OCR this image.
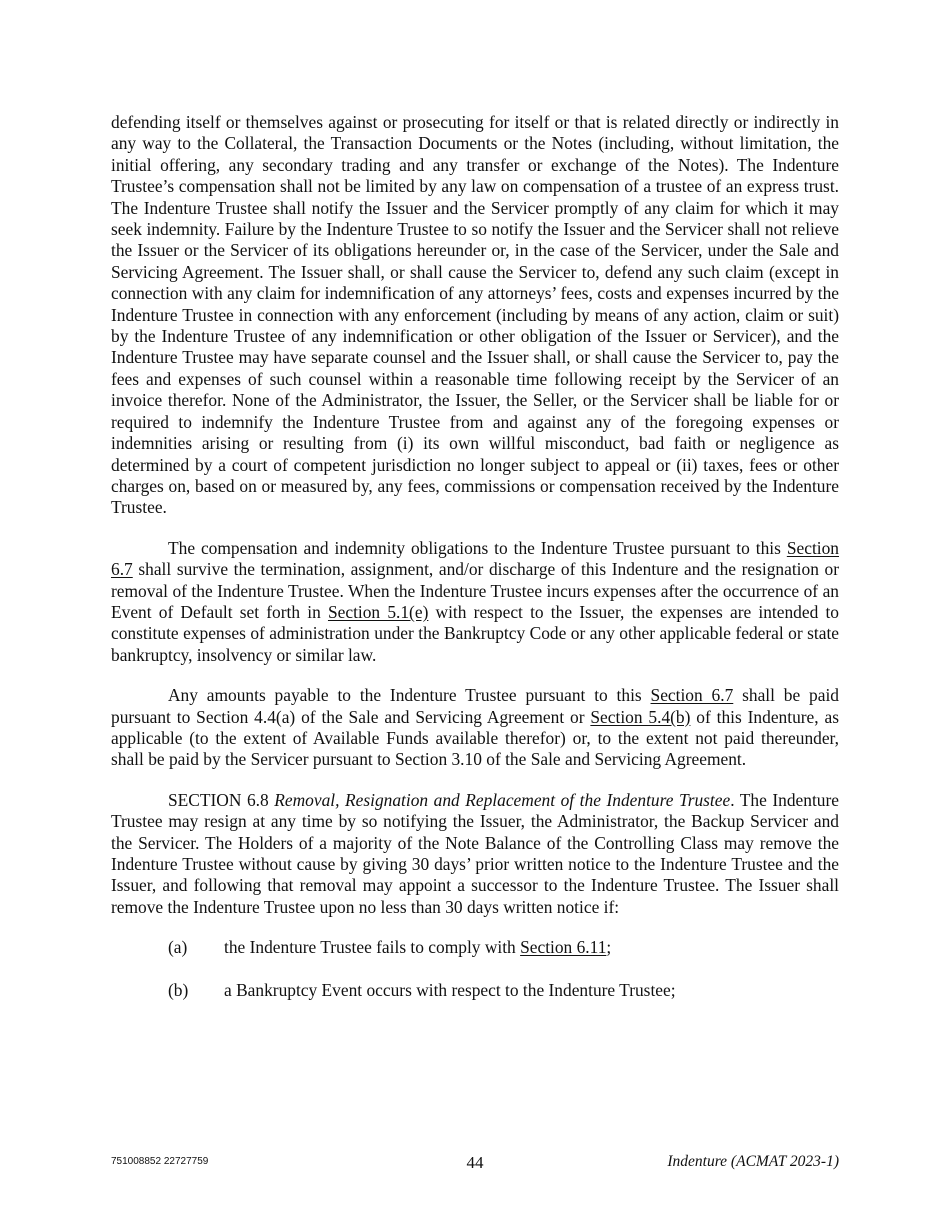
defending itself or themselves against or prosecuting for itself or that is related directly or indirectly in any way to the Collateral, the Transaction Documents or the Notes (including, without limitation, the initial offering, any secondary trading and any transfer or exchange of the Notes). The Indenture Trustee’s compensation shall not be limited by any law on compensation of a trustee of an express trust. The Indenture Trustee shall notify the Issuer and the Servicer promptly of any claim for which it may seek indemnity. Failure by the Indenture Trustee to so notify the Issuer and the Servicer shall not relieve the Issuer or the Servicer of its obligations hereunder or, in the case of the Servicer, under the Sale and Servicing Agreement. The Issuer shall, or shall cause the Servicer to, defend any such claim (except in connection with any claim for indemnification of any attorneys’ fees, costs and expenses incurred by the Indenture Trustee in connection with any enforcement (including by means of any action, claim or suit) by the Indenture Trustee of any indemnification or other obligation of the Issuer or Servicer), and the Indenture Trustee may have separate counsel and the Issuer shall, or shall cause the Servicer to, pay the fees and expenses of such counsel within a reasonable time following receipt by the Servicer of an invoice therefor. None of the Administrator, the Issuer, the Seller, or the Servicer shall be liable for or required to indemnify the Indenture Trustee from and against any of the foregoing expenses or indemnities arising or resulting from (i) its own willful misconduct, bad faith or negligence as determined by a court of competent jurisdiction no longer subject to appeal or (ii) taxes, fees or other charges on, based on or measured by, any fees, commissions or compensation received by the Indenture Trustee.

The compensation and indemnity obligations to the Indenture Trustee pursuant to this Section 6.7 shall survive the termination, assignment, and/or discharge of this Indenture and the resignation or removal of the Indenture Trustee. When the Indenture Trustee incurs expenses after the occurrence of an Event of Default set forth in Section 5.1(e) with respect to the Issuer, the expenses are intended to constitute expenses of administration under the Bankruptcy Code or any other applicable federal or state bankruptcy, insolvency or similar law.

Any amounts payable to the Indenture Trustee pursuant to this Section 6.7 shall be paid pursuant to Section 4.4(a) of the Sale and Servicing Agreement or Section 5.4(b) of this Indenture, as applicable (to the extent of Available Funds available therefor) or, to the extent not paid thereunder, shall be paid by the Servicer pursuant to Section 3.10 of the Sale and Servicing Agreement.

SECTION 6.8 Removal, Resignation and Replacement of the Indenture Trustee. The Indenture Trustee may resign at any time by so notifying the Issuer, the Administrator, the Backup Servicer and the Servicer. The Holders of a majority of the Note Balance of the Controlling Class may remove the Indenture Trustee without cause by giving 30 days’ prior written notice to the Indenture Trustee and the Issuer, and following that removal may appoint a successor to the Indenture Trustee. The Issuer shall remove the Indenture Trustee upon no less than 30 days written notice if:

(a) the Indenture Trustee fails to comply with Section 6.11;
(b) a Bankruptcy Event occurs with respect to the Indenture Trustee;
751008852 22727759	44	Indenture (ACMAT 2023-1)
